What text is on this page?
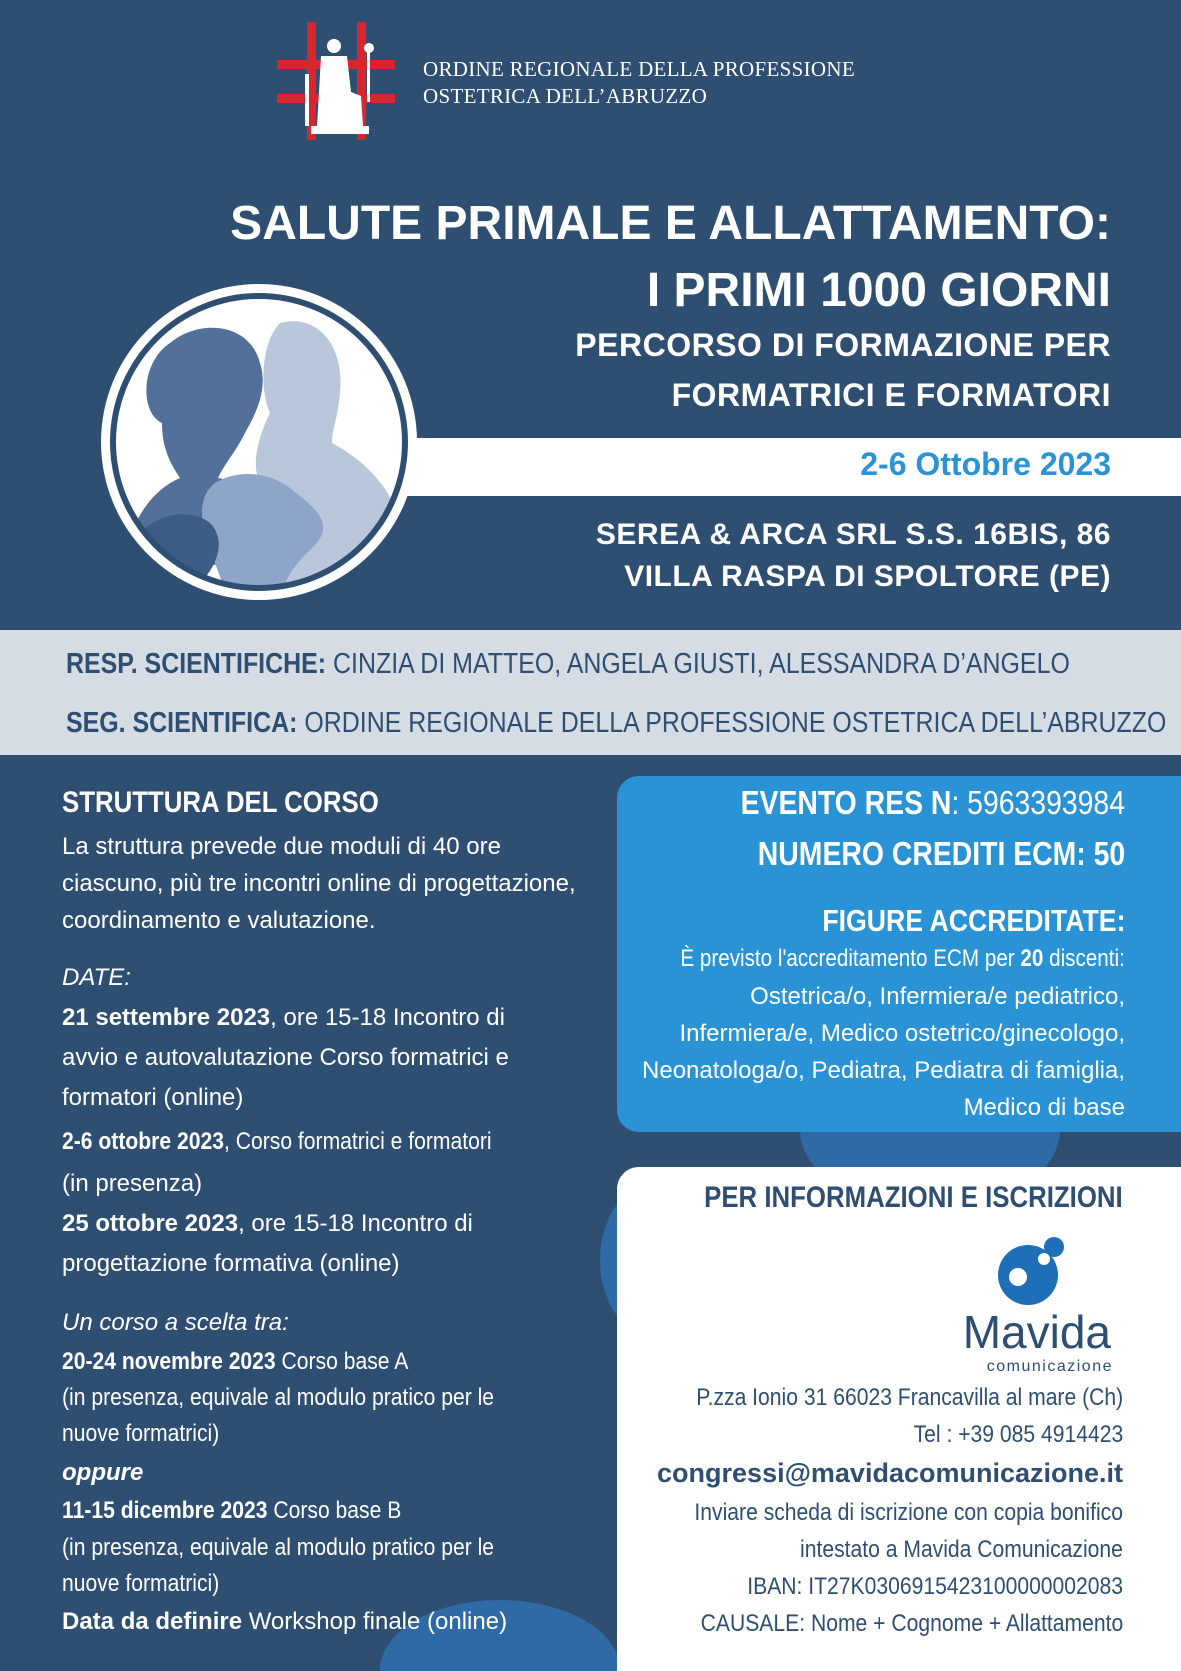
ORDINE REGIONALE DELLA PROFESSIONE
OSTETRICA DELL’ABRUZZO
SALUTE PRIMALE E ALLATTAMENTO:
I PRIMI 1000 GIORNI
PERCORSO DI FORMAZIONE PER
FORMATRICI E FORMATORI
2-6 Ottobre 2023
SEREA & ARCA SRL S.S. 16BIS, 86
VILLA RASPA DI SPOLTORE (PE)
RESP. SCIENTIFICHE: CINZIA DI MATTEO, ANGELA GIUSTI, ALESSANDRA D’ANGELO
SEG. SCIENTIFICA: ORDINE REGIONALE DELLA PROFESSIONE OSTETRICA DELL’ABRUZZO
STRUTTURA DEL CORSO
La struttura prevede due moduli di 40 ore
ciascuno, più tre incontri online di progettazione,
coordinamento e valutazione.
DATE:
21 settembre 2023, ore 15-18 Incontro di
avvio e autovalutazione Corso formatrici e
formatori (online)
2-6 ottobre 2023, Corso formatrici e formatori
(in presenza)
25 ottobre 2023, ore 15-18 Incontro di
progettazione formativa (online)
Un corso a scelta tra:
20-24 novembre 2023 Corso base A
(in presenza, equivale al modulo pratico per le
nuove formatrici)
oppure
11-15 dicembre 2023 Corso base B
(in presenza, equivale al modulo pratico per le
nuove formatrici)
Data da definire Workshop finale (online)
EVENTO RES N: 5963393984
NUMERO CREDITI ECM: 50
FIGURE ACCREDITATE:
È previsto l'accreditamento ECM per 20 discenti:
Ostetrica/o, Infermiera/e pediatrico,
Infermiera/e, Medico ostetrico/ginecologo,
Neonatologa/o, Pediatra, Pediatra di famiglia,
Medico di base
PER INFORMAZIONI E ISCRIZIONI
Mavida
comunicazione
P.zza Ionio 31 66023 Francavilla al mare (Ch)
Tel : +39 085 4914423
congressi@mavidacomunicazione.it
Inviare scheda di iscrizione con copia bonifico
intestato a Mavida Comunicazione
IBAN: IT27K0306915423100000002083
CAUSALE: Nome + Cognome + Allattamento
